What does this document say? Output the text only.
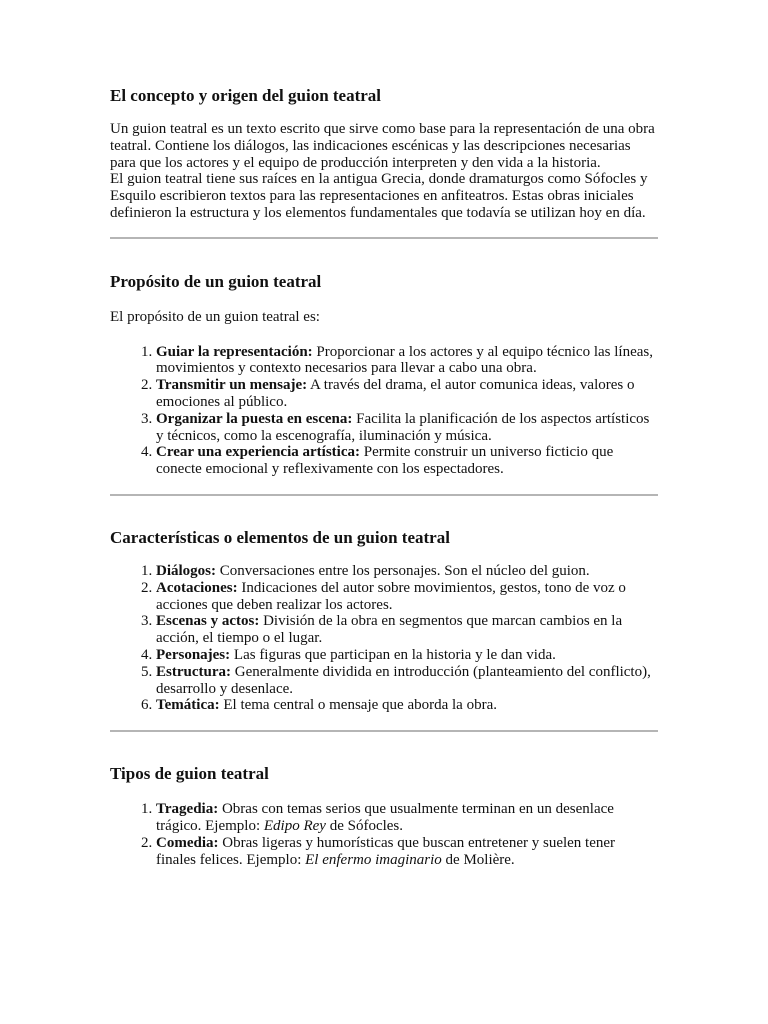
El concepto y origen del guion teatral

Un guion teatral es un texto escrito que sirve como base para la representación de una obra teatral. Contiene los diálogos, las indicaciones escénicas y las descripciones necesarias para que los actores y el equipo de producción interpreten y den vida a la historia.

El guion teatral tiene sus raíces en la antigua Grecia, donde dramaturgos como Sófocles y Esquilo escribieron textos para las representaciones en anfiteatros. Estas obras iniciales definieron la estructura y los elementos fundamentales que todavía se utilizan hoy en día.

Propósito de un guion teatral

El propósito de un guion teatral es:

1. Guiar la representación: Proporcionar a los actores y al equipo técnico las líneas, movimientos y contexto necesarios para llevar a cabo una obra.
2. Transmitir un mensaje: A través del drama, el autor comunica ideas, valores o emociones al público.
3. Organizar la puesta en escena: Facilita la planificación de los aspectos artísticos y técnicos, como la escenografía, iluminación y música.
4. Crear una experiencia artística: Permite construir un universo ficticio que conecte emocional y reflexivamente con los espectadores.
Características o elementos de un guion teatral
1. Diálogos: Conversaciones entre los personajes. Son el núcleo del guion.
2. Acotaciones: Indicaciones del autor sobre movimientos, gestos, tono de voz o acciones que deben realizar los actores.
3. Escenas y actos: División de la obra en segmentos que marcan cambios en la acción, el tiempo o el lugar.
4. Personajes: Las figuras que participan en la historia y le dan vida.
5. Estructura: Generalmente dividida en introducción (planteamiento del conflicto), desarrollo y desenlace.
6. Temática: El tema central o mensaje que aborda la obra.
Tipos de guion teatral
1. Tragedia: Obras con temas serios que usualmente terminan en un desenlace trágico. Ejemplo: Edipo Rey de Sófocles.
2. Comedia: Obras ligeras y humorísticas que buscan entretener y suelen tener finales felices. Ejemplo: El enfermo imaginario de Molière.
